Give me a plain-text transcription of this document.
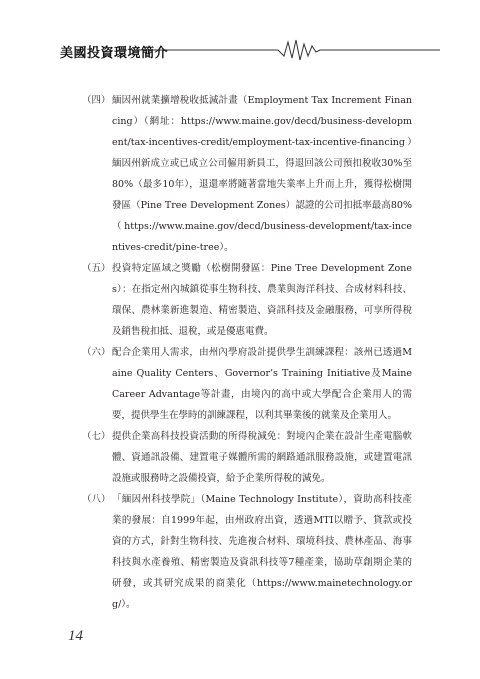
美國投資環境簡介
（四） 緬因州就業擴增稅收抵減計畫（Employment Tax Increment Financing）（網址：https://www.maine.gov/decd/business-development/tax-incentives-credit/employment-tax-incentive-financing）緬因州新成立或已成立公司僱用新員工，得退回該公司預扣稅收30%至80%（最多10年），退還率將隨著當地失業率上升而上升，獲得松樹開發區（Pine Tree Development Zones）認證的公司扣抵率最高80%（https://www.maine.gov/decd/business-development/tax-incentives-credit/pine-tree）。
（五） 投資特定區域之獎勵（松樹開發區：Pine Tree Development Zones）：在指定州內城鎮從事生物科技、農業與海洋科技、合成材料科技、環保、農林業新進製造、精密製造、資訊科技及金融服務，可享所得稅及銷售稅扣抵、退稅，或是優惠電費。
（六） 配合企業用人需求，由州內學府設計提供學生訓練課程：該州已透過Maine Quality Centers、Governor’s Training Initiative及Maine Career Advantage等計畫，由境內的高中或大學配合企業用人的需要，提供學生在學時的訓練課程，以利其畢業後的就業及企業用人。
（七） 提供企業高科技投資活動的所得稅減免：對境內企業在設計生產電腦軟體、資通訊設備、建置電子媒體所需的網路通訊服務設施，或建置電訊設施或服務時之設備投資，給予企業所得稅的減免。
（八） 「緬因州科技學院」（Maine Technology Institute），資助高科技產業的發展：自1999年起，由州政府出資，透過MTI以贈予、貸款或投資的方式，針對生物科技、先進複合材料、環境科技、農林產品、海事科技與水產養殖、精密製造及資訊科技等7種產業，協助草創期企業的研發，或其研究成果的商業化（https://www.mainetechnology.org/）。
14
